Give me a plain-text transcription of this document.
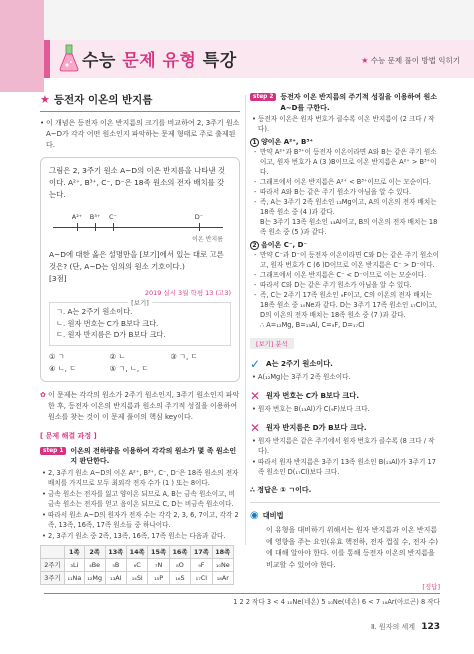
수능 문제 유형 특강	★ 수능 문제 풀이 방법 익히기
★ 등전자 이온의 반지름
• 이 개념은 등전자 이온 반지름의 크기를 비교하여 2, 3주기 원소 A~D가 각각 어떤 원소인지 파악하는 문제 형태로 주로 출제된다.
그림은 2, 3주기 원소 A~D의 이온 반지름을 나타낸 것이다. A²⁺, B³⁺, C⁻, D⁻은 18족 원소의 전자 배치를 갖는다.
A²⁺ B³⁺ C⁻	D⁻
이온 반지름
A~D에 대한 옳은 설명만을 [보기]에서 있는 대로 고른 것은? (단, A~D는 임의의 원소 기호이다.)
[3점]
2019 실시 3월 학평 13 (고3)
[보기]
ㄱ. A는 2주기 원소이다.
ㄴ. 원자 번호는 C가 B보다 크다.
ㄷ. 원자 반지름은 D가 B보다 크다.
① ㄱ	② ㄴ	③ ㄱ, ㄷ
④ ㄴ, ㄷ	⑤ ㄱ, ㄴ, ㄷ
✿ 이 문제는 각각의 원소가 2주기 원소인지, 3주기 원소인지 파악한 후, 등전자 이온의 반지름과 원소의 주기적 성질을 이용하여 원소를 찾는 것이 이 문제 풀이의 핵심 key이다.
[ 문제 해결 과정 ]
step 1	이온의 전하량을 이용하여 각각의 원소가 몇 족 원소인지 판단한다.
• 2, 3주기 원소 A~D의 이온 A²⁺, B³⁺, C⁻, D⁻은 18족 원소의 전자 배치를 가지므로 모두 최외각 전자 수가 (1 ) 또는 8이다.
• 금속 원소는 전자를 잃고 양이온 되므로 A, B는 금속 원소이고, 비금속 원소는 전자를 얻고 음이온 되므로 C, D는 비금속 원소이다.
• 따라서 원소 A~D의 원자가 전자 수는 각각 2, 3, 6, 7이고, 각각 2족, 13족, 16족, 17족 원소들 중 하나이다.
• 2, 3주기 원소 중 2족, 13족, 16족, 17족 원소는 다음과 같다.
	1족	2족	13족	14족	15족	16족	17족	18족
2주기	₃Li	₄Be	₅B	₆C	₇N	₈O	₉F	₁₀Ne
3주기	₁₁Na	₁₂Mg	₁₃Al	₁₄Si	₁₅P	₁₆S	₁₇Cl	₁₈Ar
step 2	등전자 이온 반지름의 주기적 성질을 이용하여 원소 A~D를 구한다.
• 등전자 이온은 원자 번호가 클수록 이온 반지름이 (2 크다 / 작다).
1 양이온 A²⁺, B³⁺
- 만약 A²⁺과 B³⁺이 등전자 이온이라면 A와 B는 같은 주기 원소이고, 원자 번호가 A (3 )B이므로 이온 반지름은 A²⁺ > B³⁺이다.
- 그래프에서 이온 반지름은 A²⁺ < B³⁺이므로 이는 모순이다.
- 따라서 A와 B는 같은 주기 원소가 아님을 알 수 있다.
- 즉, A는 3주기 2족 원소인 ₁₂Mg이고, A의 이온의 전자 배치는 18족 원소 중 (4 )과 같다.
B는 3주기 13족 원소인 ₁₃Al이고, B의 이온의 전자 배치는 18족 원소 중 (5 )과 같다.
2 음이온 C⁻, D⁻
- 만약 C⁻과 D⁻이 등전자 이온이라면 C와 D는 같은 주기 원소이고, 원자 번호가 C (6 )D이므로 이온 반지름은 C⁻ > D⁻이다.
- 그래프에서 이온 반지름은 C⁻ < D⁻이므로 이는 모순이다.
- 따라서 C와 D는 같은 주기 원소가 아님을 알 수 있다.
- 즉, C는 2주기 17족 원소인 ₉F이고, C의 이온의 전자 배치는 18족 원소 중 ₁₀Ne과 같다. D는 3주기 17족 원소인 ₁₇Cl이고, D의 이온의 전자 배치는 18족 원소 중 (7 )과 같다.
∴ A=₁₂Mg, B=₁₃Al, C=₉F, D=₁₇Cl
[보기] 분석
✓ A는 2주기 원소이다.
• A(₁₂Mg)는 3주기 2족 원소이다.
✕ 원자 번호는 C가 B보다 크다.
• 원자 번호는 B(₁₃Al)가 C(₉F)보다 크다.
✕ 원자 반지름은 D가 B보다 크다.
• 원자 반지름은 같은 주기에서 원자 번호가 클수록 (8 크다 / 작다).
• 따라서 원자 반지름은 3주기 13족 원소인 B(₁₃Al)가 3주기 17족 원소인 D(₁₇Cl)보다 크다.
∴ 정답은 ① ㄱ이다.
◉ 대비법
이 유형을 대비하기 위해서는 원자 반지름과 이온 반지름에 영향을 주는 요인(유효 핵전하, 전자 껍질 수, 전자 수)에 대해 알아야 한다. 이를 통해 등전자 이온의 반지름을 비교할 수 있어야 한다.
[정답]
1 2 2 작다 3 < 4 ₁₀Ne(네온) 5 ₁₀Ne(네온) 6 < 7 ₁₈Ar(아르곤) 8 작다
Ⅱ. 원자의 세계 123
